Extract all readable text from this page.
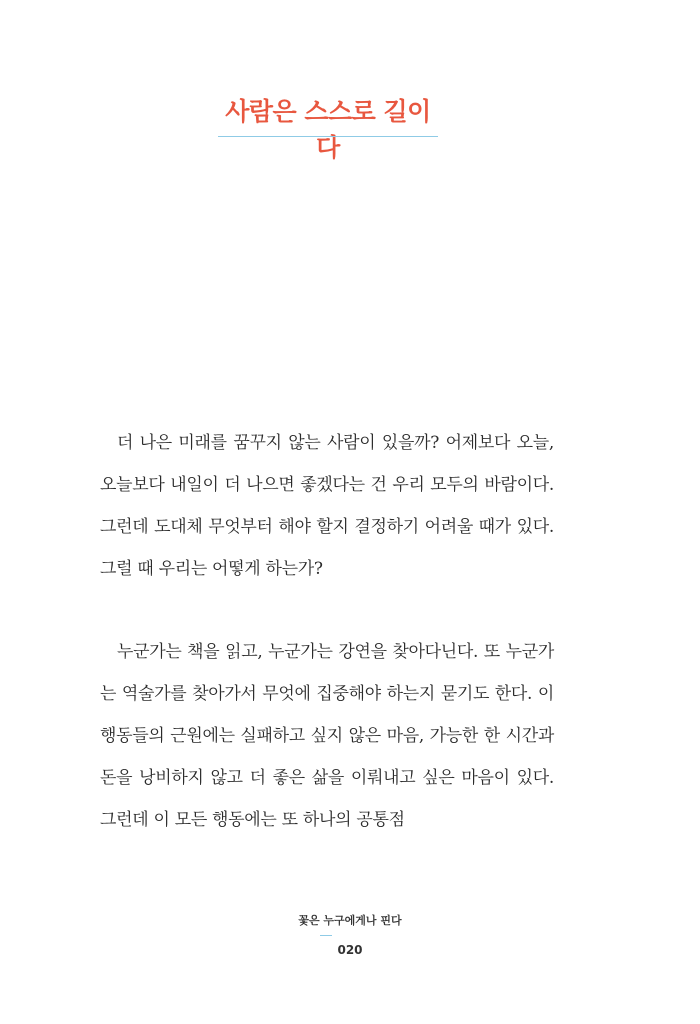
사람은 스스로 길이다

더 나은 미래를 꿈꾸지 않는 사람이 있을까? 어제보다 오늘, 오늘보다 내일이 더 나으면 좋겠다는 건 우리 모두의 바람이다. 그런데 도대체 무엇부터 해야 할지 결정하기 어려울 때가 있다. 그럴 때 우리는 어떻게 하는가?

누군가는 책을 읽고, 누군가는 강연을 찾아다닌다. 또 누군가는 역술가를 찾아가서 무엇에 집중해야 하는지 묻기도 한다. 이 행동들의 근원에는 실패하고 싶지 않은 마음, 가능한 한 시간과 돈을 낭비하지 않고 더 좋은 삶을 이뤄내고 싶은 마음이 있다. 그런데 이 모든 행동에는 또 하나의 공통점

꽃은 누구에게나 핀다
020
